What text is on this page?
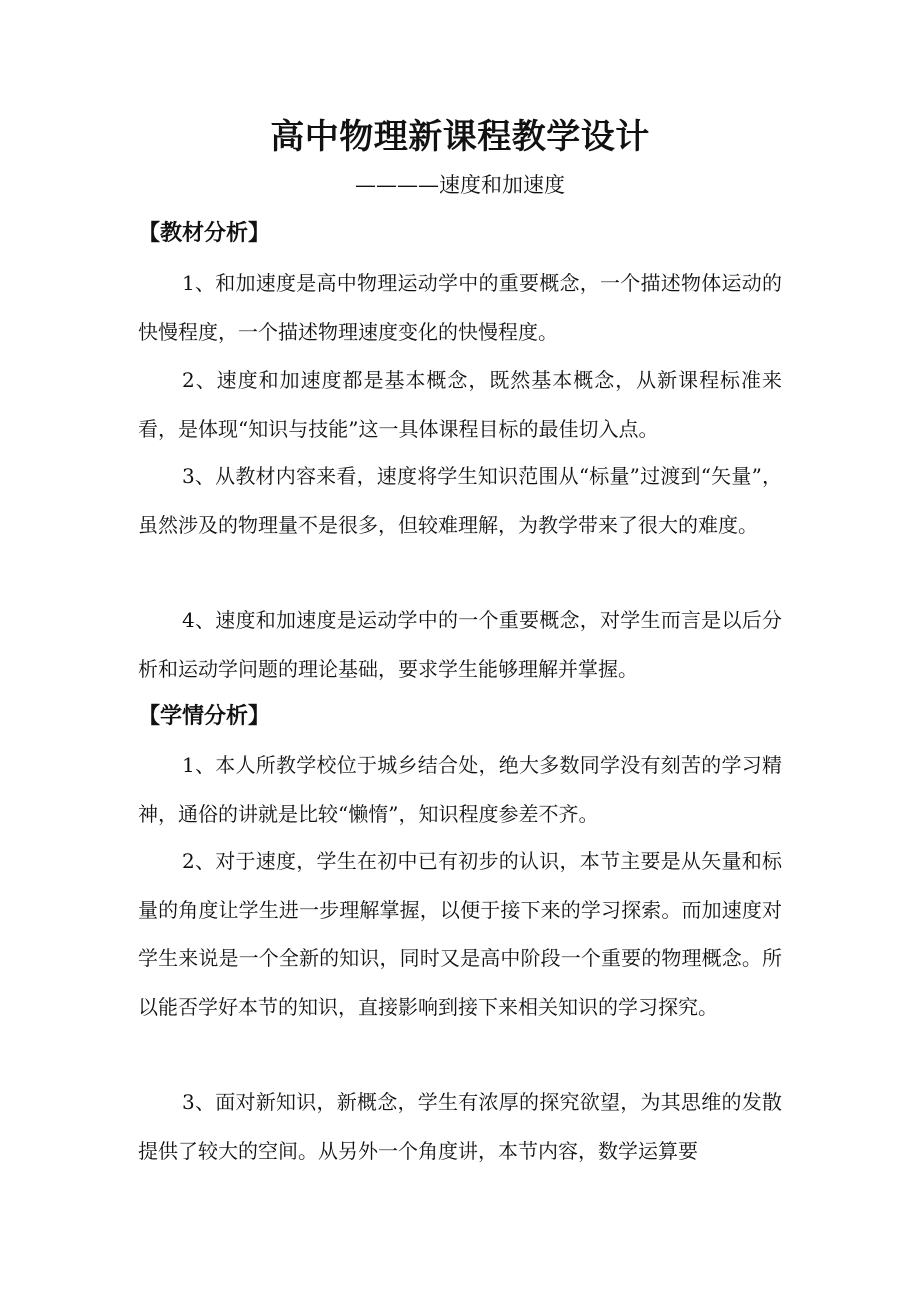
高中物理新课程教学设计
————速度和加速度
【教材分析】
1、和加速度是高中物理运动学中的重要概念，一个描述物体运动的快慢程度，一个描述物理速度变化的快慢程度。
2、速度和加速度都是基本概念，既然基本概念，从新课程标准来看，是体现“知识与技能”这一具体课程目标的最佳切入点。
3、从教材内容来看，速度将学生知识范围从“标量”过渡到“矢量”，虽然涉及的物理量不是很多，但较难理解，为教学带来了很大的难度。
4、速度和加速度是运动学中的一个重要概念，对学生而言是以后分析和运动学问题的理论基础，要求学生能够理解并掌握。
【学情分析】
1、本人所教学校位于城乡结合处，绝大多数同学没有刻苦的学习精神，通俗的讲就是比较“懒惰”，知识程度参差不齐。
2、对于速度，学生在初中已有初步的认识，本节主要是从矢量和标量的角度让学生进一步理解掌握，以便于接下来的学习探索。而加速度对学生来说是一个全新的知识，同时又是高中阶段一个重要的物理概念。所以能否学好本节的知识，直接影响到接下来相关知识的学习探究。
3、面对新知识，新概念，学生有浓厚的探究欲望，为其思维的发散提供了较大的空间。从另外一个角度讲，本节内容，数学运算要
